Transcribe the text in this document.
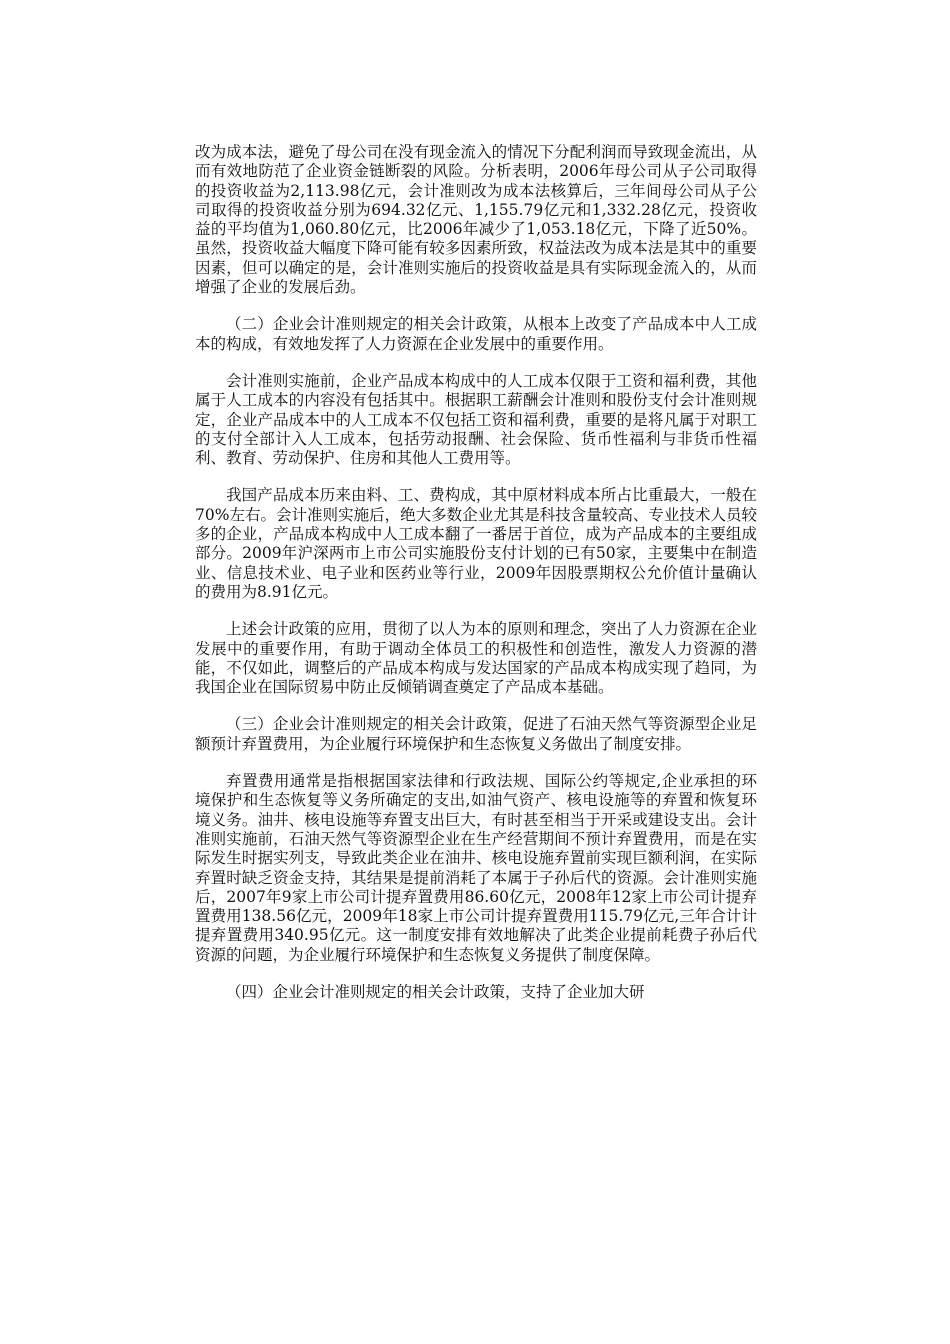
改为成本法，避免了母公司在没有现金流入的情况下分配利润而导致现金流出，从而有效地防范了企业资金链断裂的风险。分析表明，2006年母公司从子公司取得的投资收益为2,113.98亿元，会计准则改为成本法核算后，三年间母公司从子公司取得的投资收益分别为694.32亿元、1,155.79亿元和1,332.28亿元，投资收益的平均值为1,060.80亿元，比2006年减少了1,053.18亿元，下降了近50%。虽然，投资收益大幅度下降可能有较多因素所致，权益法改为成本法是其中的重要因素，但可以确定的是，会计准则实施后的投资收益是具有实际现金流入的，从而增强了企业的发展后劲。

（二）企业会计准则规定的相关会计政策，从根本上改变了产品成本中人工成本的构成，有效地发挥了人力资源在企业发展中的重要作用。

会计准则实施前，企业产品成本构成中的人工成本仅限于工资和福利费，其他属于人工成本的内容没有包括其中。根据职工薪酬会计准则和股份支付会计准则规定，企业产品成本中的人工成本不仅包括工资和福利费，重要的是将凡属于对职工的支付全部计入人工成本，包括劳动报酬、社会保险、货币性福利与非货币性福利、教育、劳动保护、住房和其他人工费用等。

我国产品成本历来由料、工、费构成，其中原材料成本所占比重最大，一般在70%左右。会计准则实施后，绝大多数企业尤其是科技含量较高、专业技术人员较多的企业，产品成本构成中人工成本翻了一番居于首位，成为产品成本的主要组成部分。2009年沪深两市上市公司实施股份支付计划的已有50家，主要集中在制造业、信息技术业、电子业和医药业等行业，2009年因股票期权公允价值计量确认的费用为8.91亿元。

上述会计政策的应用，贯彻了以人为本的原则和理念，突出了人力资源在企业发展中的重要作用，有助于调动全体员工的积极性和创造性，激发人力资源的潜能，不仅如此，调整后的产品成本构成与发达国家的产品成本构成实现了趋同，为我国企业在国际贸易中防止反倾销调查奠定了产品成本基础。

（三）企业会计准则规定的相关会计政策，促进了石油天然气等资源型企业足额预计弃置费用，为企业履行环境保护和生态恢复义务做出了制度安排。

弃置费用通常是指根据国家法律和行政法规、国际公约等规定,企业承担的环境保护和生态恢复等义务所确定的支出,如油气资产、核电设施等的弃置和恢复环境义务。油井、核电设施等弃置支出巨大，有时甚至相当于开采或建设支出。会计准则实施前，石油天然气等资源型企业在生产经营期间不预计弃置费用，而是在实际发生时据实列支，导致此类企业在油井、核电设施弃置前实现巨额利润，在实际弃置时缺乏资金支持，其结果是提前消耗了本属于子孙后代的资源。会计准则实施后，2007年9家上市公司计提弃置费用86.60亿元，2008年12家上市公司计提弃置费用138.56亿元，2009年18家上市公司计提弃置费用115.79亿元,三年合计计提弃置费用340.95亿元。这一制度安排有效地解决了此类企业提前耗费子孙后代资源的问题，为企业履行环境保护和生态恢复义务提供了制度保障。

（四）企业会计准则规定的相关会计政策，支持了企业加大研
